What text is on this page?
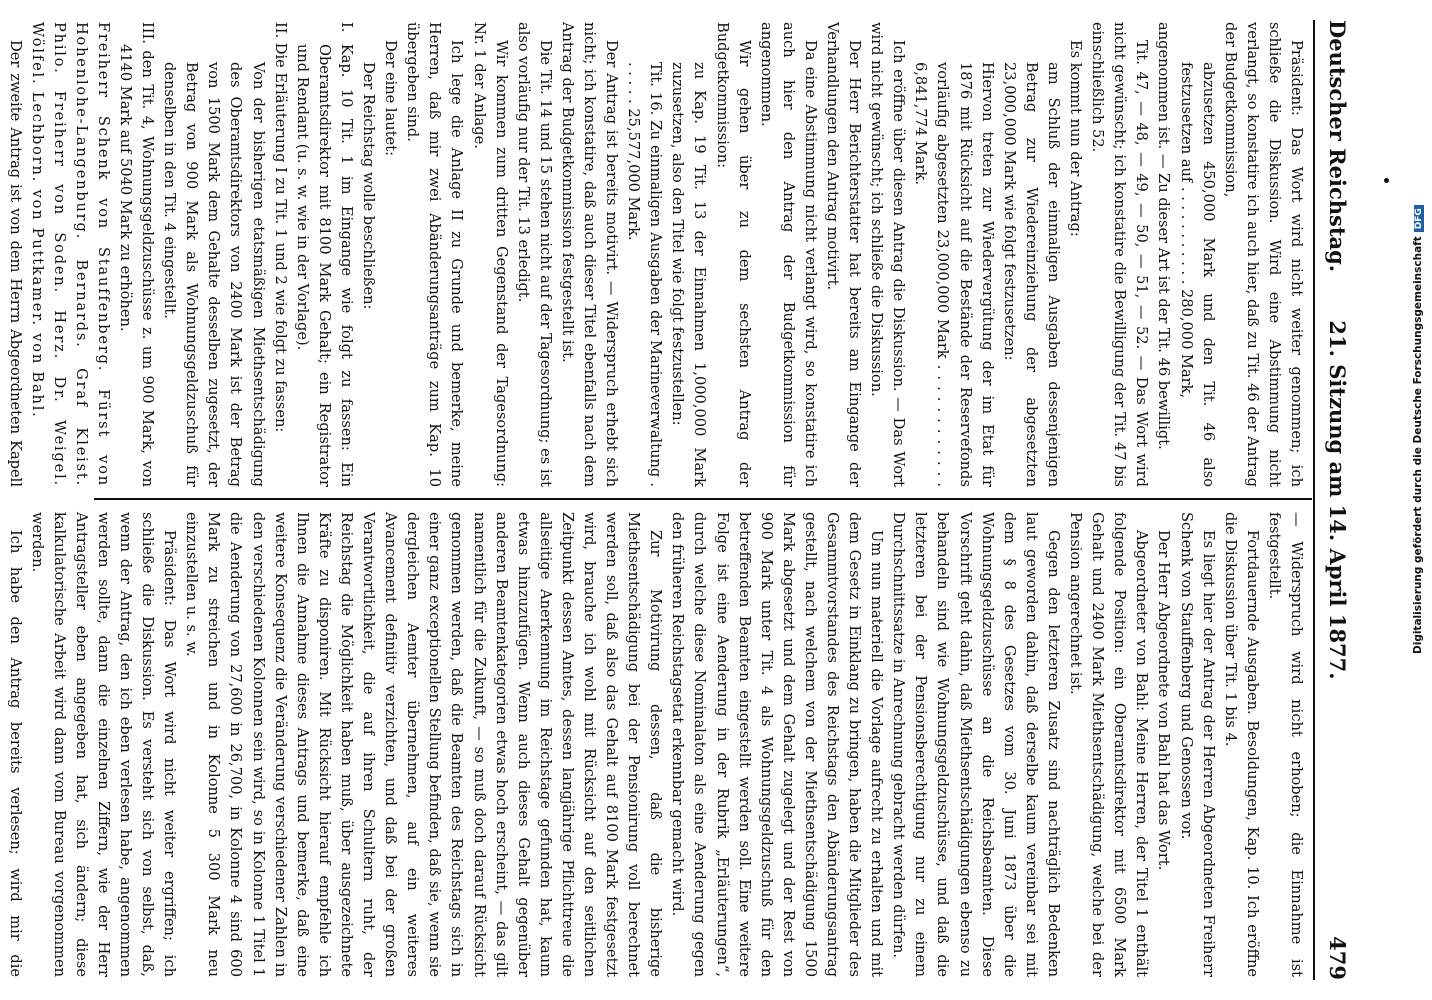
Digitalisierung gefördert durch die Deutsche ForschungsgemeinschaftDFG
Deutscher Reichstag.
21. Sitzung am 14. April 1877.
479

Präsident: Das Wort wird nicht weiter genommen; ich schließe die Diskussion. Wird eine Abstimmung nicht verlangt, so konstatire ich auch hier, daß zu Tit. 46 der Antrag der Budgetkommission,

abzusetzen 450,000 Mark und den Tit. 46 also festzusetzen auf . . . . . . . . . . . 280,000 Mark,

angenommen ist. — Zu dieser Art ist der Tit. 46 bewilligt.

Tit. 47, — 48, — 49, — 50, — 51, — 52. — Das Wort wird nicht gewünscht; ich konstatire die Bewilligung der Tit. 47 bis einschließlich 52.

Es kommt nun der Antrag:

am Schluß der einmaligen Ausgaben dessenjenigen Betrag zur Wiedereinziehung der abgesetzten 23,000,000 Mark wie folgt festzusetzen:

Hiervon treten zur Wiedervergütung der im Etat für 1876 mit Rücksicht auf die Bestände der Reservefonds vorläufig abgesetzten 23,000,000 Mark . . . . . . . . . . . . 6,841,774 Mark.

Ich eröffne über diesen Antrag die Diskussion. — Das Wort wird nicht gewünscht; ich schließe die Diskussion.

Der Herr Berichterstatter hat bereits am Eingange der Verhandlungen den Antrag motivirt.

Da eine Abstimmung nicht verlangt wird, so konstatire ich auch hier den Antrag der Budgetkommission für angenommen.

Wir gehen über zu dem sechsten Antrag der Budgetkommission:

zu Kap. 19 Tit. 13 der Einnahmen 1,000,000 Mark zuzusetzen, also den Titel wie folgt festzustellen:

Tit. 16. Zu einmaligen Ausgaben der Marineverwaltung . . . . . . 25,577,000 Mark.

Der Antrag ist bereits motivirt. — Widerspruch erhebt sich nicht; ich konstatire, daß auch dieser Titel ebenfalls nach dem Antrag der Budgetkommission festgestellt ist.

Die Tit. 14 und 15 stehen nicht auf der Tagesordnung; es ist also vorläufig nur der Tit. 13 erledigt.

Wir kommen zum dritten Gegenstand der Tagesordnung: Nr. 1 der Anlage.

Ich lege die Anlage II zu Grunde und bemerke, meine Herren, daß mir zwei Abänderungsanträge zum Kap. 10 übergeben sind.

Der eine lautet:

Der Reichstag wolle beschließen:

I. Kap. 10 Tit. 1 im Eingange wie folgt zu fassen: Ein Oberamtsdirektor mit 8100 Mark Gehalt; ein Registrator und Rendant (u. s. w. wie in der Vorlage).

II. Die Erläuterung I zu Tit. 1 und 2 wie folgt zu fassen:

Von der bisherigen etatsmäßigen Miethsentschädigung des Oberamtsdirektors von 2400 Mark ist der Betrag von 1500 Mark dem Gehalte desselben zugesetzt, der Betrag von 900 Mark als Wohnungsgeldzuschuß für denselben in den Tit. 4 eingestellt.

III. den Tit. 4, Wohnungsgeldzuschüsse z. um 900 Mark, von 4140 Mark auf 5040 Mark zu erhöhen.

Freiherr Schenk von Stauffenberg. Fürst von Hohenlohe-Langenburg. Bernards. Graf Kleist. Philo. Freiherr von Soden. Herz. Dr. Weigel. Wölfel. Lechborn. von Puttkamer. von Bahl.

Der zweite Antrag ist von dem Herrn Abgeordneten Kapell

— Widerspruch wird nicht erhoben; die Einnahme ist festgestellt.

Fortdauernde Ausgaben. Besoldungen, Kap. 10. Ich eröffne die Diskussion über Tit. 1 bis 4.

Es liegt hier der Antrag der Herren Abgeordneten Freiherr Schenk von Stauffenberg und Genossen vor.

Der Herr Abgeordnete von Bahl hat das Wort.

Abgeordneter von Bahl: Meine Herren, der Titel 1 enthält folgende Position: ein Oberamtsdirektor mit 6500 Mark Gehalt und 2400 Mark Miethsentschädigung, welche bei der Pension angerechnet ist.

Gegen den letzteren Zusatz sind nachträglich Bedenken laut geworden dahin, daß derselbe kaum vereinbar sei mit dem § 8 des Gesetzes vom 30. Juni 1873 über die Wohnungsgeldzuschüsse an die Reichsbeamten. Diese Vorschrift geht dahin, daß Miethsentschädigungen ebenso zu behandeln sind wie Wohnungsgeldzuschüsse, und daß die letzteren bei der Pensionsberechtigung nur zu einem Durchschnittssatze in Anrechnung gebracht werden dürfen.

Um nun materiell die Vorlage aufrecht zu erhalten und mit dem Gesetz in Einklang zu bringen, haben die Mitglieder des Gesammtvorstandes des Reichstags den Abänderungsantrag gestellt, nach welchem von der Miethsentschädigung 1500 Mark abgesetzt und dem Gehalt zugelegt und der Rest von 900 Mark unter Tit. 4 als Wohnungsgeldzuschuß für den betreffenden Beamten eingestellt werden soll. Eine weitere Folge ist eine Aenderung in der Rubrik „Erläuterungen“, durch welche diese Nominalaton als eine Aenderung gegen den früheren Reichstagsetat erkennbar gemacht wird.

Zur Motivirung dessen, daß die bisherige Miethsentschädigung bei der Pensionirung voll berechnet werden soll, daß also das Gehalt auf 8100 Mark festgesetzt wird, brauche ich wohl mit Rücksicht auf den seitlichen Zeitpunkt dessen Amtes, dessen langjährige Pflichttreue die allseitige Anerkennung im Reichstage gefunden hat, kaum etwas hinzuzufügen. Wenn auch dieses Gehalt gegenüber anderen Beamtenkategorien etwas hoch erscheint, — das gilt namentlich für die Zukunft, — so muß doch darauf Rücksicht genommen werden, daß die Beamten des Reichstags sich in einer ganz exceptionellen Stellung befinden, daß sie, wenn sie dergleichen Aemter übernehmen, auf ein weiteres Avancement definitiv verzichten, und daß bei der großen Verantwortlichkeit, die auf ihren Schultern ruht, der Reichstag die Möglichkeit haben muß, über ausgezeichnete Kräfte zu disponiren. Mit Rücksicht hierauf empfehle ich Ihnen die Annahme dieses Antrags und bemerke, daß eine weitere Konsequenz die Veränderung verschiedener Zahlen in den verschiedenen Kolonnen sein wird, so in Kolonne 1 Titel 1 die Aenderung von 27,600 in 26,700, in Kolonne 4 sind 600 Mark zu streichen und in Kolonne 5 300 Mark neu einzustellen u. s. w.

Präsident: Das Wort wird nicht weiter ergriffen; ich schließe die Diskussion. Es versteht sich von selbst, daß, wenn der Antrag, den ich eben verlesen habe, angenommen werden sollte, dann die einzelnen Ziffern, wie der Herr Antragsteller eben angegeben hat, sich ändern; diese kalkulatorische Arbeit wird dann vom Bureau vorgenommen werden.

Ich habe den Antrag bereits verlesen; wird mir die
